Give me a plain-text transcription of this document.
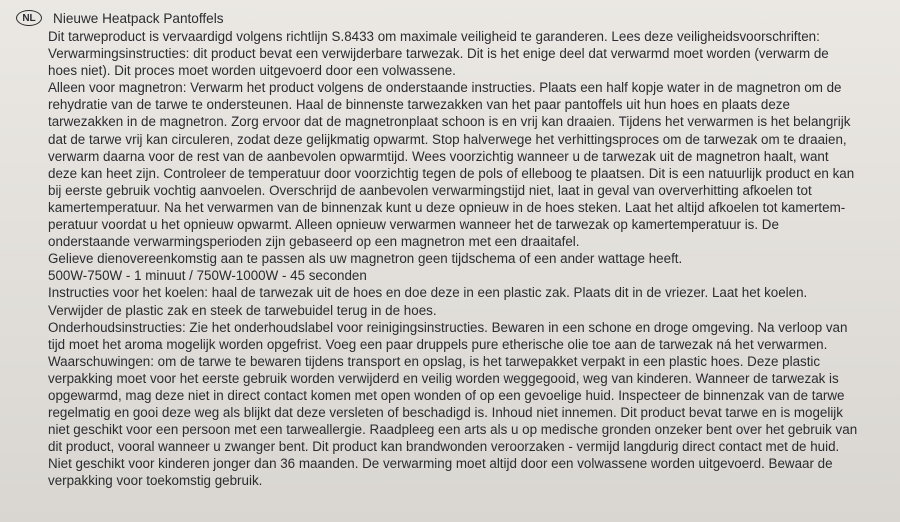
NL	Nieuwe Heatpack Pantoffels
Dit tarweproduct is vervaardigd volgens richtlijn S.8433 om maximale veiligheid te garanderen. Lees deze veiligheidsvoorschriften:
Verwarmingsinstructies: dit product bevat een verwijderbare tarwezak. Dit is het enige deel dat verwarmd moet worden (verwarm de
hoes niet). Dit proces moet worden uitgevoerd door een volwassene.
Alleen voor magnetron: Verwarm het product volgens de onderstaande instructies. Plaats een half kopje water in de magnetron om de
rehydratie van de tarwe te ondersteunen. Haal de binnenste tarwezakken van het paar pantoffels uit hun hoes en plaats deze
tarwezakken in de magnetron. Zorg ervoor dat de magnetronplaat schoon is en vrij kan draaien. Tijdens het verwarmen is het belangrijk
dat de tarwe vrij kan circuleren, zodat deze gelijkmatig opwarmt. Stop halverwege het verhittingsproces om de tarwezak om te draaien,
verwarm daarna voor de rest van de aanbevolen opwarmtijd. Wees voorzichtig wanneer u de tarwezak uit de magnetron haalt, want
deze kan heet zijn. Controleer de temperatuur door voorzichtig tegen de pols of elleboog te plaatsen. Dit is een natuurlijk product en kan
bij eerste gebruik vochtig aanvoelen. Overschrijd de aanbevolen verwarmingstijd niet, laat in geval van oververhitting afkoelen tot
kamertemperatuur. Na het verwarmen van de binnenzak kunt u deze opnieuw in de hoes steken. Laat het altijd afkoelen tot kamertem-
peratuur voordat u het opnieuw opwarmt. Alleen opnieuw verwarmen wanneer het de tarwezak op kamertemperatuur is. De
onderstaande verwarmingsperioden zijn gebaseerd op een magnetron met een draaitafel.
Gelieve dienovereenkomstig aan te passen als uw magnetron geen tijdschema of een ander wattage heeft.
500W-750W - 1 minuut / 750W-1000W - 45 seconden
Instructies voor het koelen: haal de tarwezak uit de hoes en doe deze in een plastic zak. Plaats dit in de vriezer. Laat het koelen.
Verwijder de plastic zak en steek de tarwebuidel terug in de hoes.
Onderhoudsinstructies: Zie het onderhoudslabel voor reinigingsinstructies. Bewaren in een schone en droge omgeving. Na verloop van
tijd moet het aroma mogelijk worden opgefrist. Voeg een paar druppels pure etherische olie toe aan de tarwezak ná het verwarmen.
Waarschuwingen: om de tarwe te bewaren tijdens transport en opslag, is het tarwepakket verpakt in een plastic hoes. Deze plastic
verpakking moet voor het eerste gebruik worden verwijderd en veilig worden weggegooid, weg van kinderen. Wanneer de tarwezak is
opgewarmd, mag deze niet in direct contact komen met open wonden of op een gevoelige huid. Inspecteer de binnenzak van de tarwe
regelmatig en gooi deze weg als blijkt dat deze versleten of beschadigd is. Inhoud niet innemen. Dit product bevat tarwe en is mogelijk
niet geschikt voor een persoon met een tarweallergie. Raadpleeg een arts als u op medische gronden onzeker bent over het gebruik van
dit product, vooral wanneer u zwanger bent. Dit product kan brandwonden veroorzaken - vermijd langdurig direct contact met de huid.
Niet geschikt voor kinderen jonger dan 36 maanden. De verwarming moet altijd door een volwassene worden uitgevoerd. Bewaar de
verpakking voor toekomstig gebruik.
